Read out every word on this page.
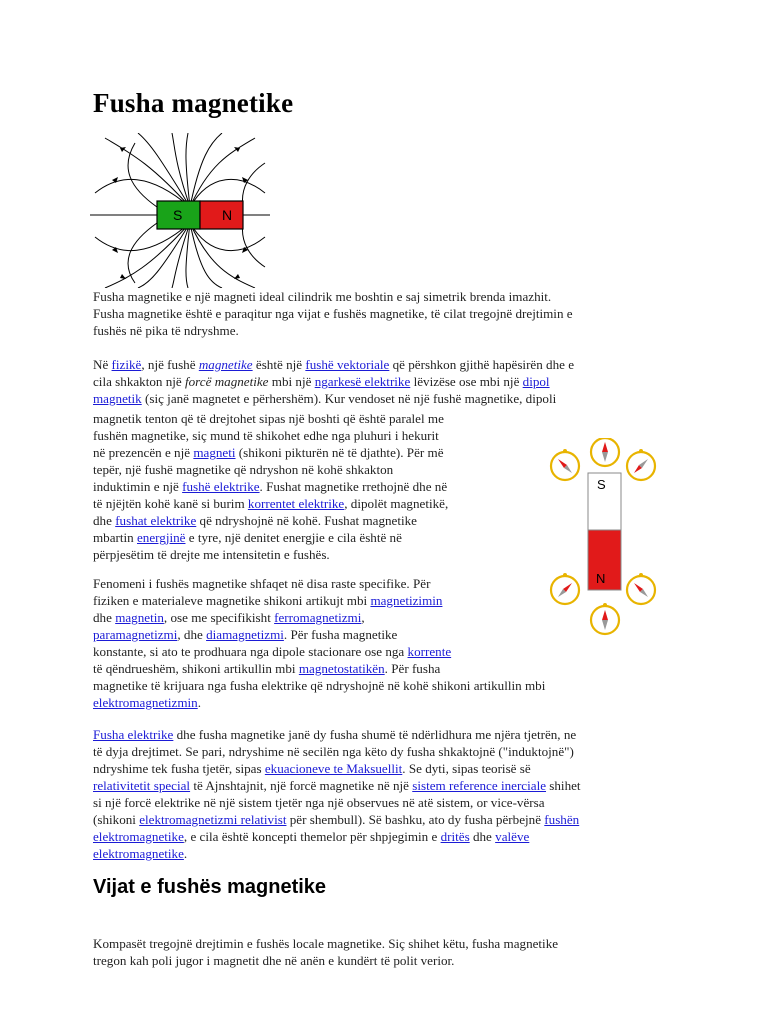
Fusha magnetike
S	N
Fusha magnetike e një magneti ideal cilindrik me boshtin e saj simetrik brenda imazhit.
Fusha magnetike është e paraqitur nga vijat e fushës magnetike, të cilat tregojnë drejtimin e
fushës në pika të ndryshme.
Në fizikë, një fushë magnetike është një fushë vektoriale që përshkon gjithë hapësirën dhe e
cila shkakton një forcë magnetike mbi një ngarkesë elektrike lëvizëse ose mbi një dipol
magnetik (siç janë magnetet e përhershëm). Kur vendoset në një fushë magnetike, dipoli
magnetik tenton që të drejtohet sipas një boshti që është paralel me
fushën magnetike, siç mund të shikohet edhe nga pluhuri i hekurit
në prezencën e një magneti (shikoni pikturën në të djathte). Për më
tepër, një fushë magnetike që ndryshon në kohë shkakton
induktimin e një fushë elektrike. Fushat magnetike rrethojnë dhe në
të njëjtën kohë kanë si burim korrentet elektrike, dipolët magnetikë,
dhe fushat elektrike që ndryshojnë në kohë. Fushat magnetike
mbartin energjinë e tyre, një denitet energjie e cila është në
përpjesëtim të drejte me intensitetin e fushës.
S
N
Fenomeni i fushës magnetike shfaqet në disa raste specifike. Për
fiziken e materialeve magnetike shikoni artikujt mbi magnetizimin
dhe magnetin, ose me specifikisht ferromagnetizmi,
paramagnetizmi, dhe diamagnetizmi. Për fusha magnetike
konstante, si ato te prodhuara nga dipole stacionare ose nga korrente
të qëndrueshëm, shikoni artikullin mbi magnetostatikën. Për fusha
magnetike të krijuara nga fusha elektrike që ndryshojnë në kohë shikoni artikullin mbi
elektromagnetizmin.
Fusha elektrike dhe fusha magnetike janë dy fusha shumë të ndërlidhura me njëra tjetrën, ne
të dyja drejtimet. Se pari, ndryshime në secilën nga këto dy fusha shkaktojnë ("induktojnë")
ndryshime tek fusha tjetër, sipas ekuacioneve te Maksuellit. Se dyti, sipas teorisë së
relativitetit special të Ajnshtajnit, një forcë magnetike në një sistem reference inerciale shihet
si një forcë elektrike në një sistem tjetër nga një observues në atë sistem, or vice-vërsa
(shikoni elektromagnetizmi relativist për shembull). Së bashku, ato dy fusha përbejnë fushën
elektromagnetike, e cila është koncepti themelor për shpjegimin e dritës dhe valëve
elektromagnetike.
Vijat e fushës magnetike
Kompasët tregojnë drejtimin e fushës locale magnetike. Siç shihet këtu, fusha magnetike
tregon kah poli jugor i magnetit dhe në anën e kundërt të polit verior.
